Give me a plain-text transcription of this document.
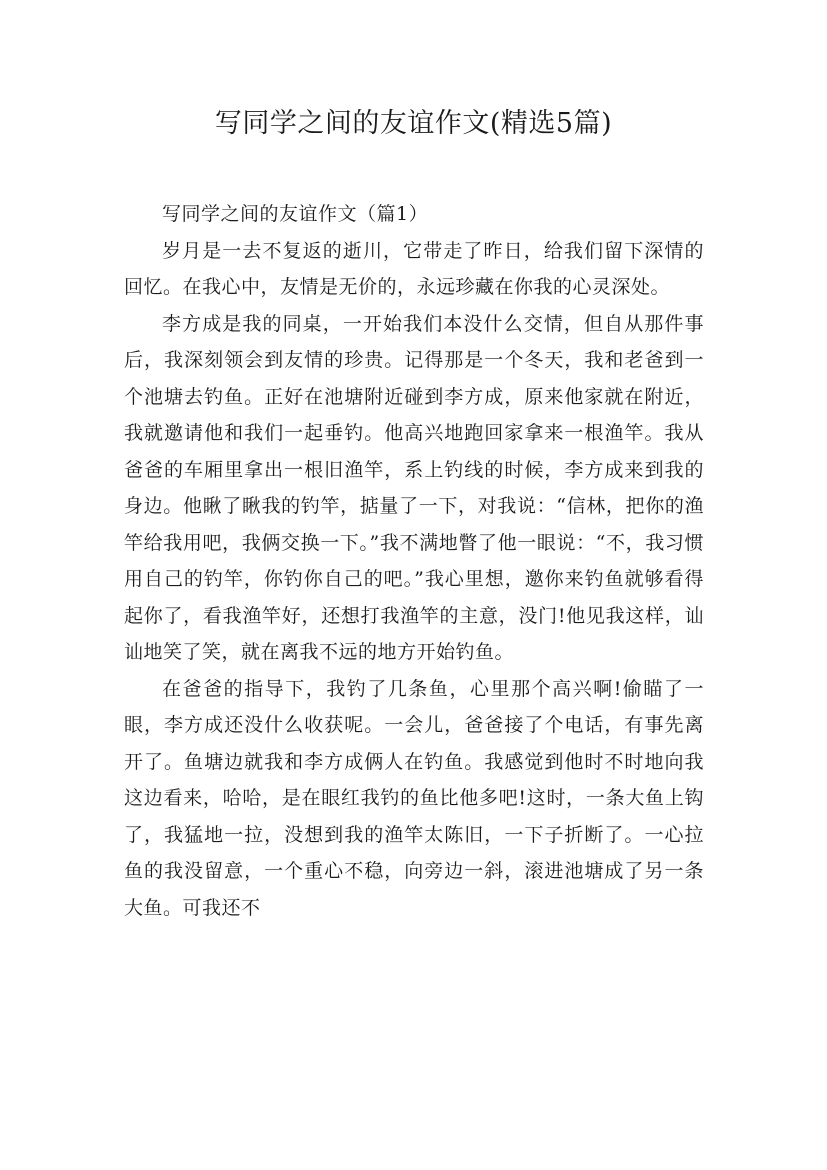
写同学之间的友谊作文(精选5篇)

写同学之间的友谊作文（篇1）

岁月是一去不复返的逝川，它带走了昨日，给我们留下深情的回忆。在我心中，友情是无价的，永远珍藏在你我的心灵深处。

李方成是我的同桌，一开始我们本没什么交情，但自从那件事后，我深刻领会到友情的珍贵。记得那是一个冬天，我和老爸到一个池塘去钓鱼。正好在池塘附近碰到李方成，原来他家就在附近，我就邀请他和我们一起垂钓。他高兴地跑回家拿来一根渔竿。我从爸爸的车厢里拿出一根旧渔竿，系上钓线的时候，李方成来到我的身边。他瞅了瞅我的钓竿，掂量了一下，对我说：“信林，把你的渔竿给我用吧，我俩交换一下。”我不满地瞥了他一眼说：“不，我习惯用自己的钓竿，你钓你自己的吧。”我心里想，邀你来钓鱼就够看得起你了，看我渔竿好，还想打我渔竿的主意，没门!他见我这样，讪讪地笑了笑，就在离我不远的地方开始钓鱼。

在爸爸的指导下，我钓了几条鱼，心里那个高兴啊!偷瞄了一眼，李方成还没什么收获呢。一会儿，爸爸接了个电话，有事先离开了。鱼塘边就我和李方成俩人在钓鱼。我感觉到他时不时地向我这边看来，哈哈，是在眼红我钓的鱼比他多吧!这时，一条大鱼上钩了，我猛地一拉，没想到我的渔竿太陈旧，一下子折断了。一心拉鱼的我没留意，一个重心不稳，向旁边一斜，滚进池塘成了另一条大鱼。可我还不
